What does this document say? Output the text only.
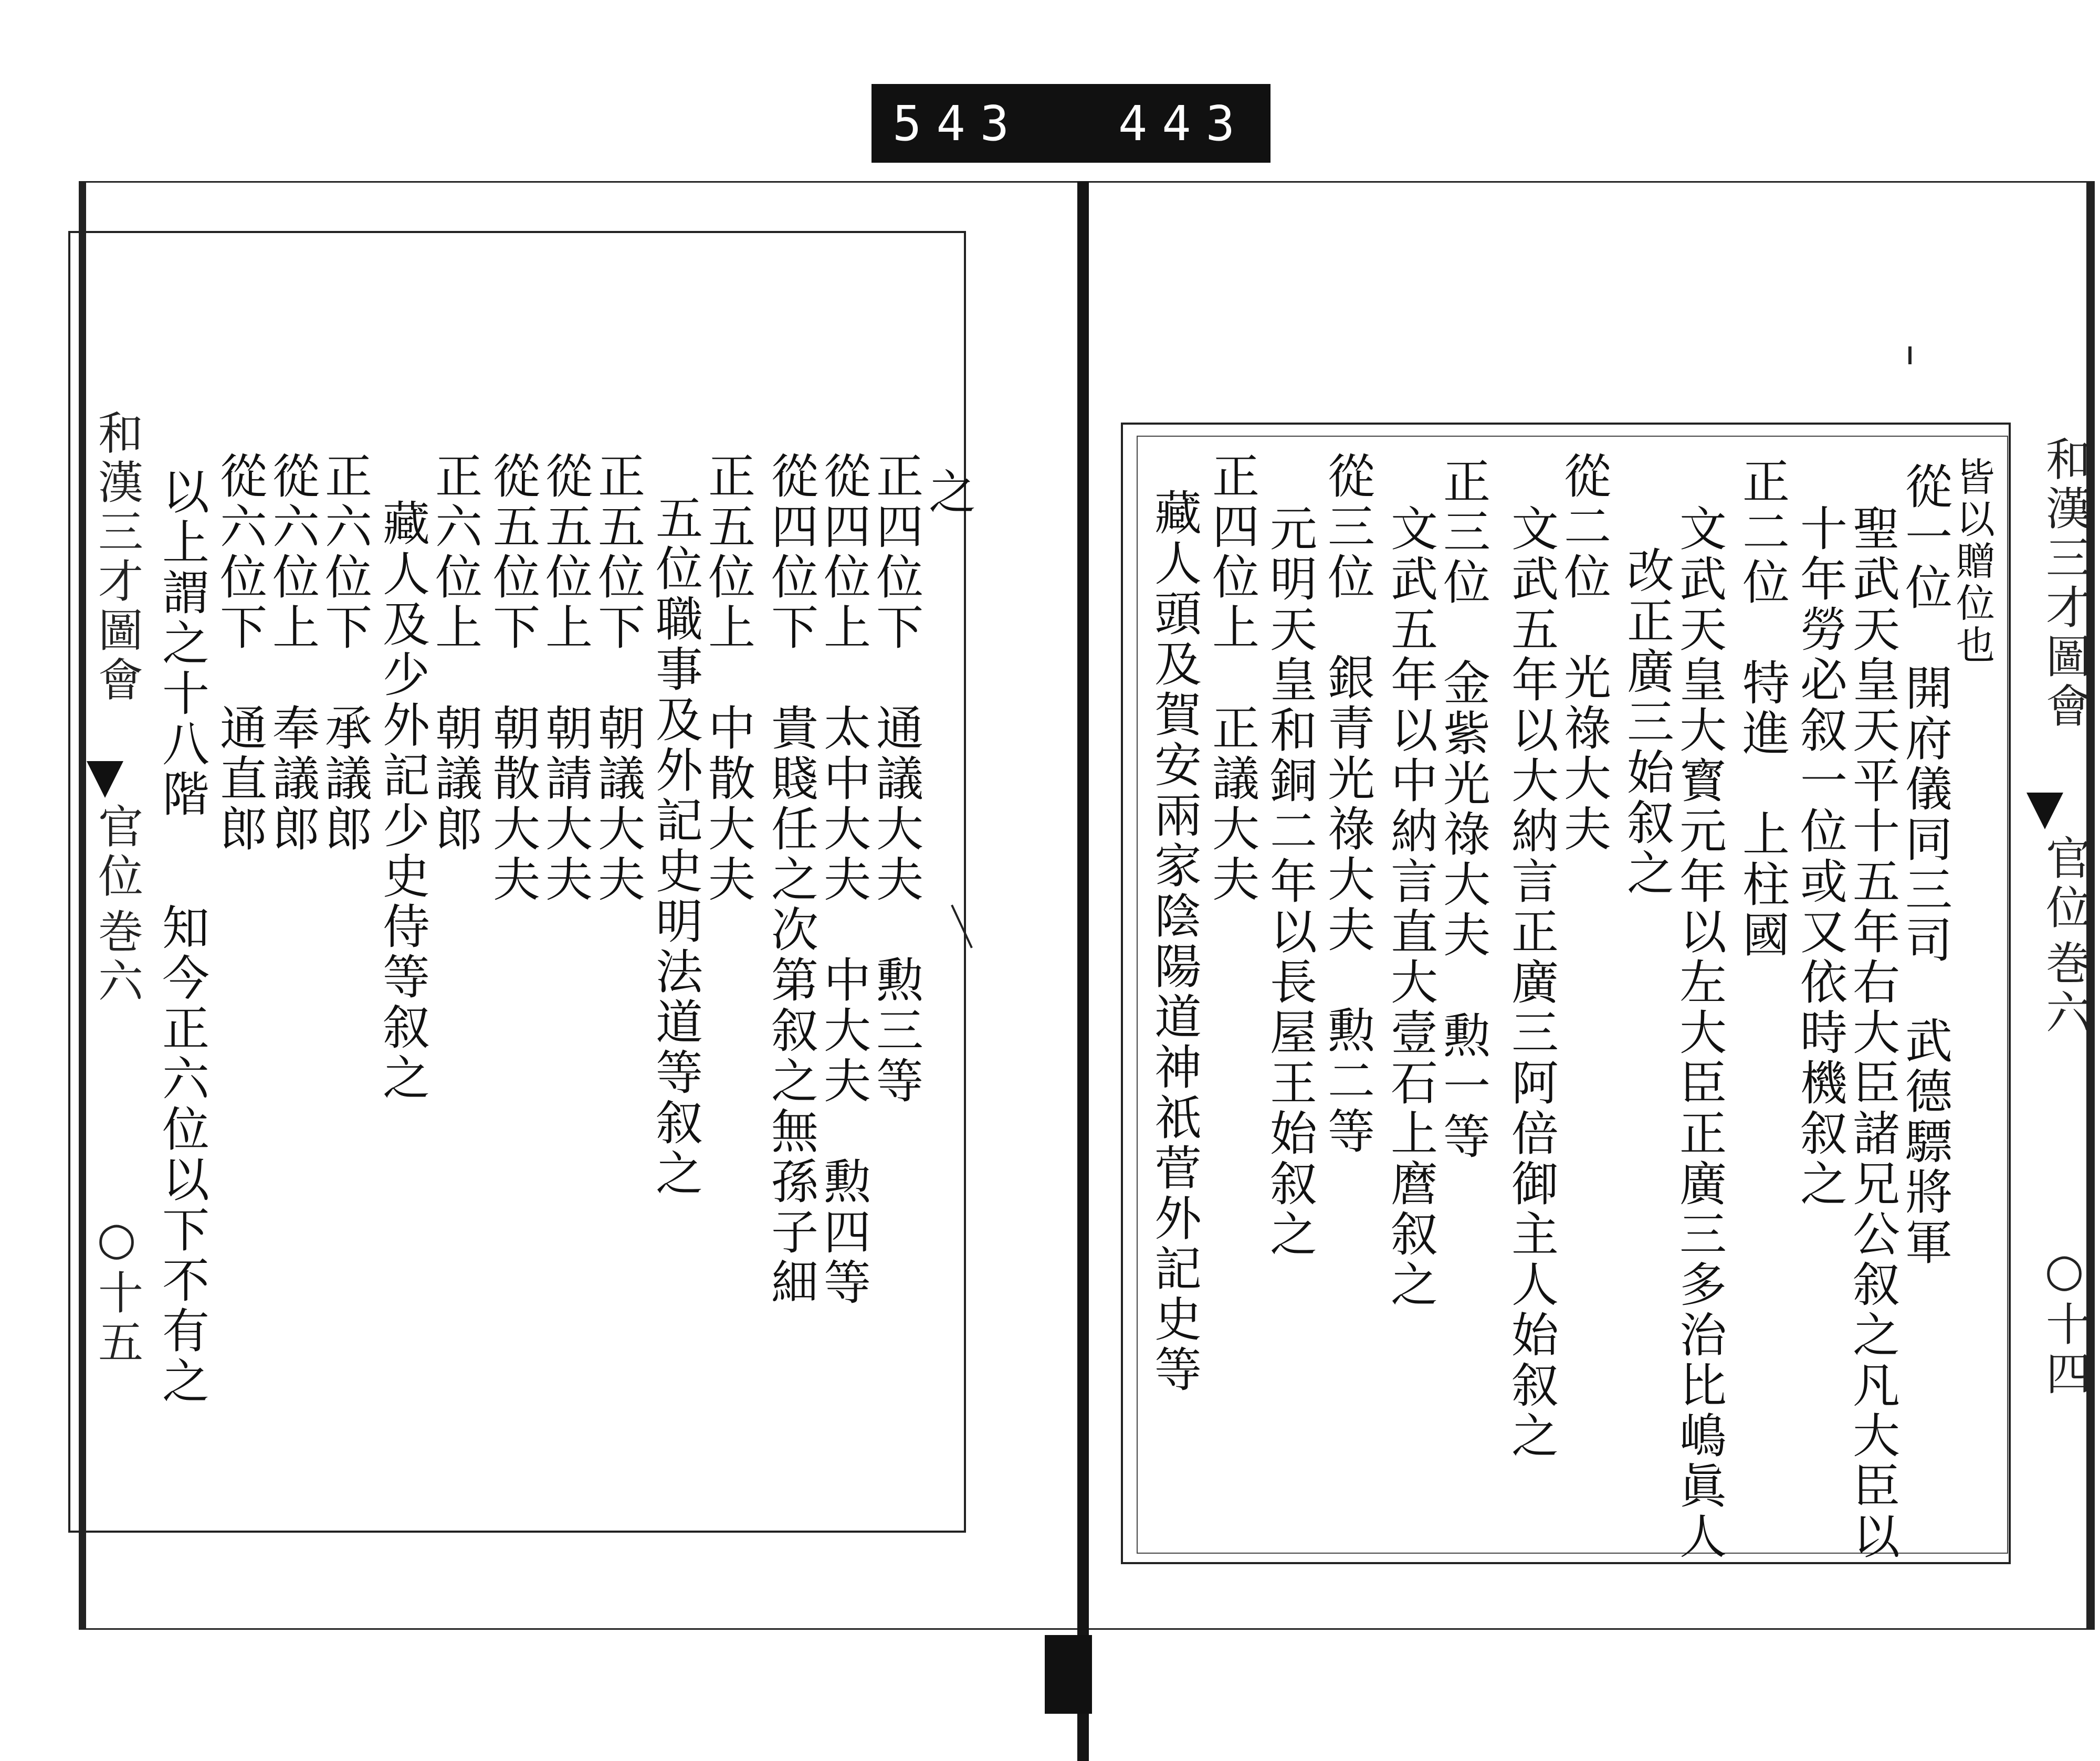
543 443
和漢三才圖會
官位
巻六
○十四
和漢三才圖會
官位
巻六
○十五
皆以贈位也
從一位　開府儀同三司　武德驃將軍
聖武天皇天平十五年右大臣諸兄公叙之凡大臣以
十年勞必叙一位或又依時機叙之
正二位　特進　上柱國
文武天皇大寳元年以左大臣正廣三多治比嶋眞人
改正廣三始叙之
從二位　光祿大夫
文武五年以大納言正廣三阿倍御主人始叙之
正三位　金紫光祿大夫　勲一等
文武五年以中納言直大壹石上麿叙之
從三位　銀青光祿大夫　勲二等
元明天皇和銅二年以長屋王始叙之
正四位上　正議大夫
藏人頭及賀安兩家陰陽道神祇菅外記史等
之
正四位下　通議大夫　勲三等
從四位上　太中大夫　中大夫　勲四等
從四位下　貴賤任之次第叙之無孫子細
正五位上　中散大夫
五位職事及外記史明法道等叙之
正五位下　朝議大夫
從五位上　朝請大夫
從五位下　朝散大夫
正六位上　朝議郎
藏人及少外記少史侍等叙之
正六位下　承議郎
從六位上　奉議郎
從六位下　通直郎
以上謂之十八階
知今正六位以下不有之
